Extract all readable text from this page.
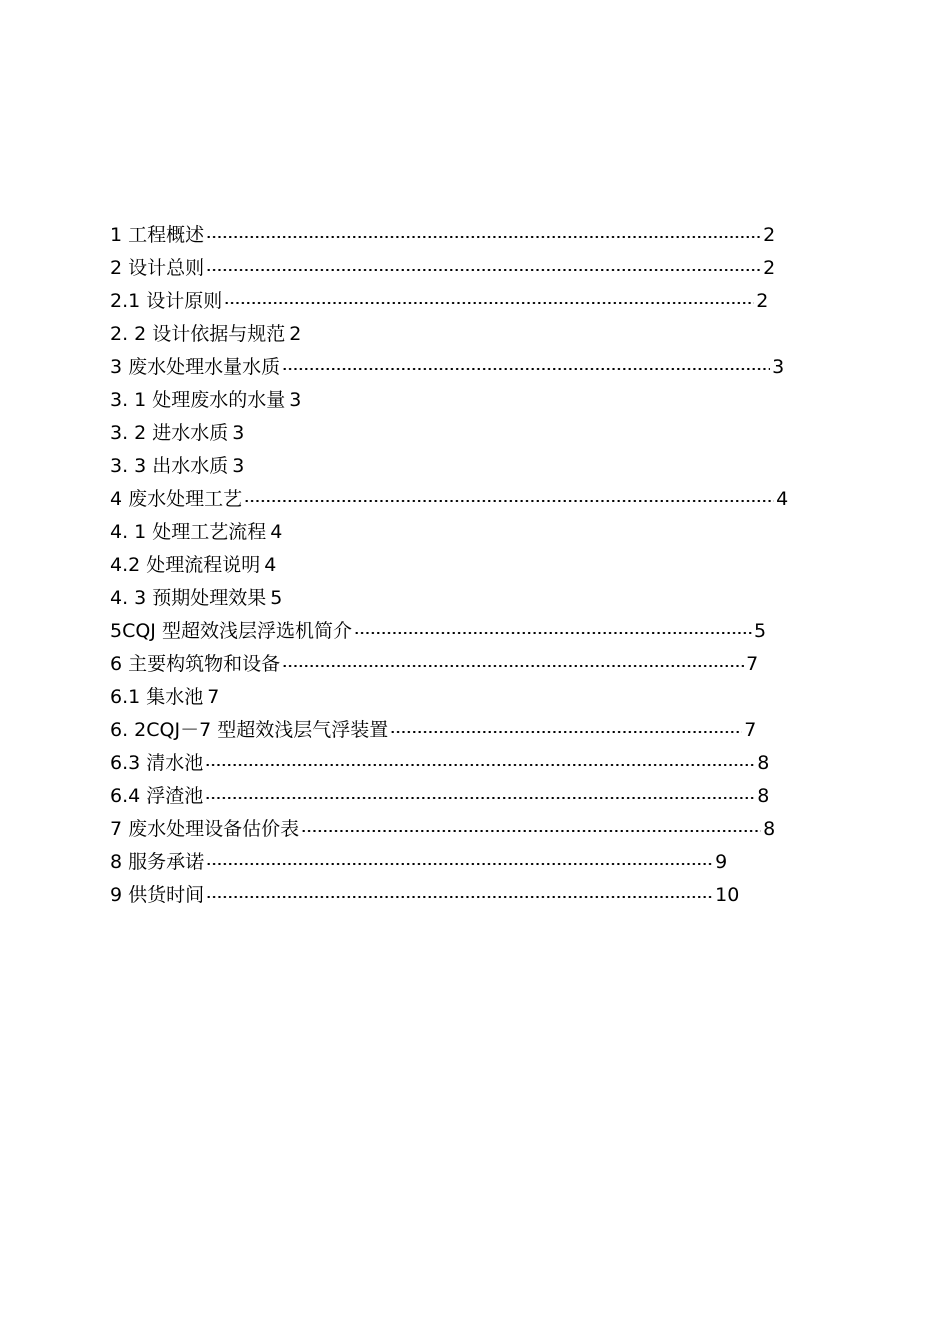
1 工程概述	2
2 设计总则	2
2.1 设计原则	2
2. 2 设计依据与规范 2
3 废水处理水量水质	3
3. 1 处理废水的水量 3
3. 2 进水水质 3
3. 3 出水水质 3
4 废水处理工艺	4
4. 1 处理工艺流程 4
4.2 处理流程说明 4
4. 3 预期处理效果 5
5CQJ 型超效浅层浮选机简介	5
6 主要构筑物和设备	7
6.1 集水池 7
6. 2CQJ－7 型超效浅层气浮装置	7
6.3 清水池	8
6.4 浮渣池	8
7 废水处理设备估价表	8
8 服务承诺	9
9 供货时间	10
